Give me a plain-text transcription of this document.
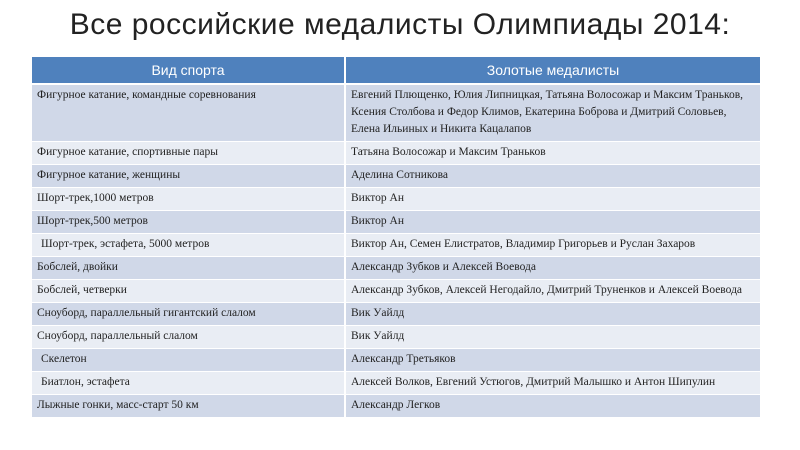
Все российские медалисты Олимпиады 2014:
Вид спорта	Золотые медалисты
Фигурное катание, командные соревнования	Евгений Плющенко, Юлия Липницкая, Татьяна Волосожар и Максим Траньков, Ксения Столбова и Федор Климов, Екатерина Боброва и Дмитрий Соловьев, Елена Ильиных и Никита Кацалапов
Фигурное катание, спортивные пары	Татьяна Волосожар и Максим Траньков
Фигурное катание, женщины	Аделина Сотникова
Шорт-трек,1000 метров	Виктор Ан
Шорт-трек,500 метров	Виктор Ан
Шорт-трек, эстафета, 5000 метров	Виктор Ан, Семен Елистратов, Владимир Григорьев и Руслан Захаров
Бобслей, двойки	Александр Зубков и Алексей Воевода
Бобслей, четверки	Александр Зубков, Алексей Негодайло, Дмитрий Труненков и Алексей Воевода
Сноуборд, параллельный гигантский слалом	Вик Уайлд
Сноуборд, параллельный слалом	Вик Уайлд
Скелетон	Александр Третьяков
Биатлон, эстафета	Алексей Волков, Евгений Устюгов, Дмитрий Малышко и Антон Шипулин
Лыжные гонки, масс-старт 50 км	Александр Легков
